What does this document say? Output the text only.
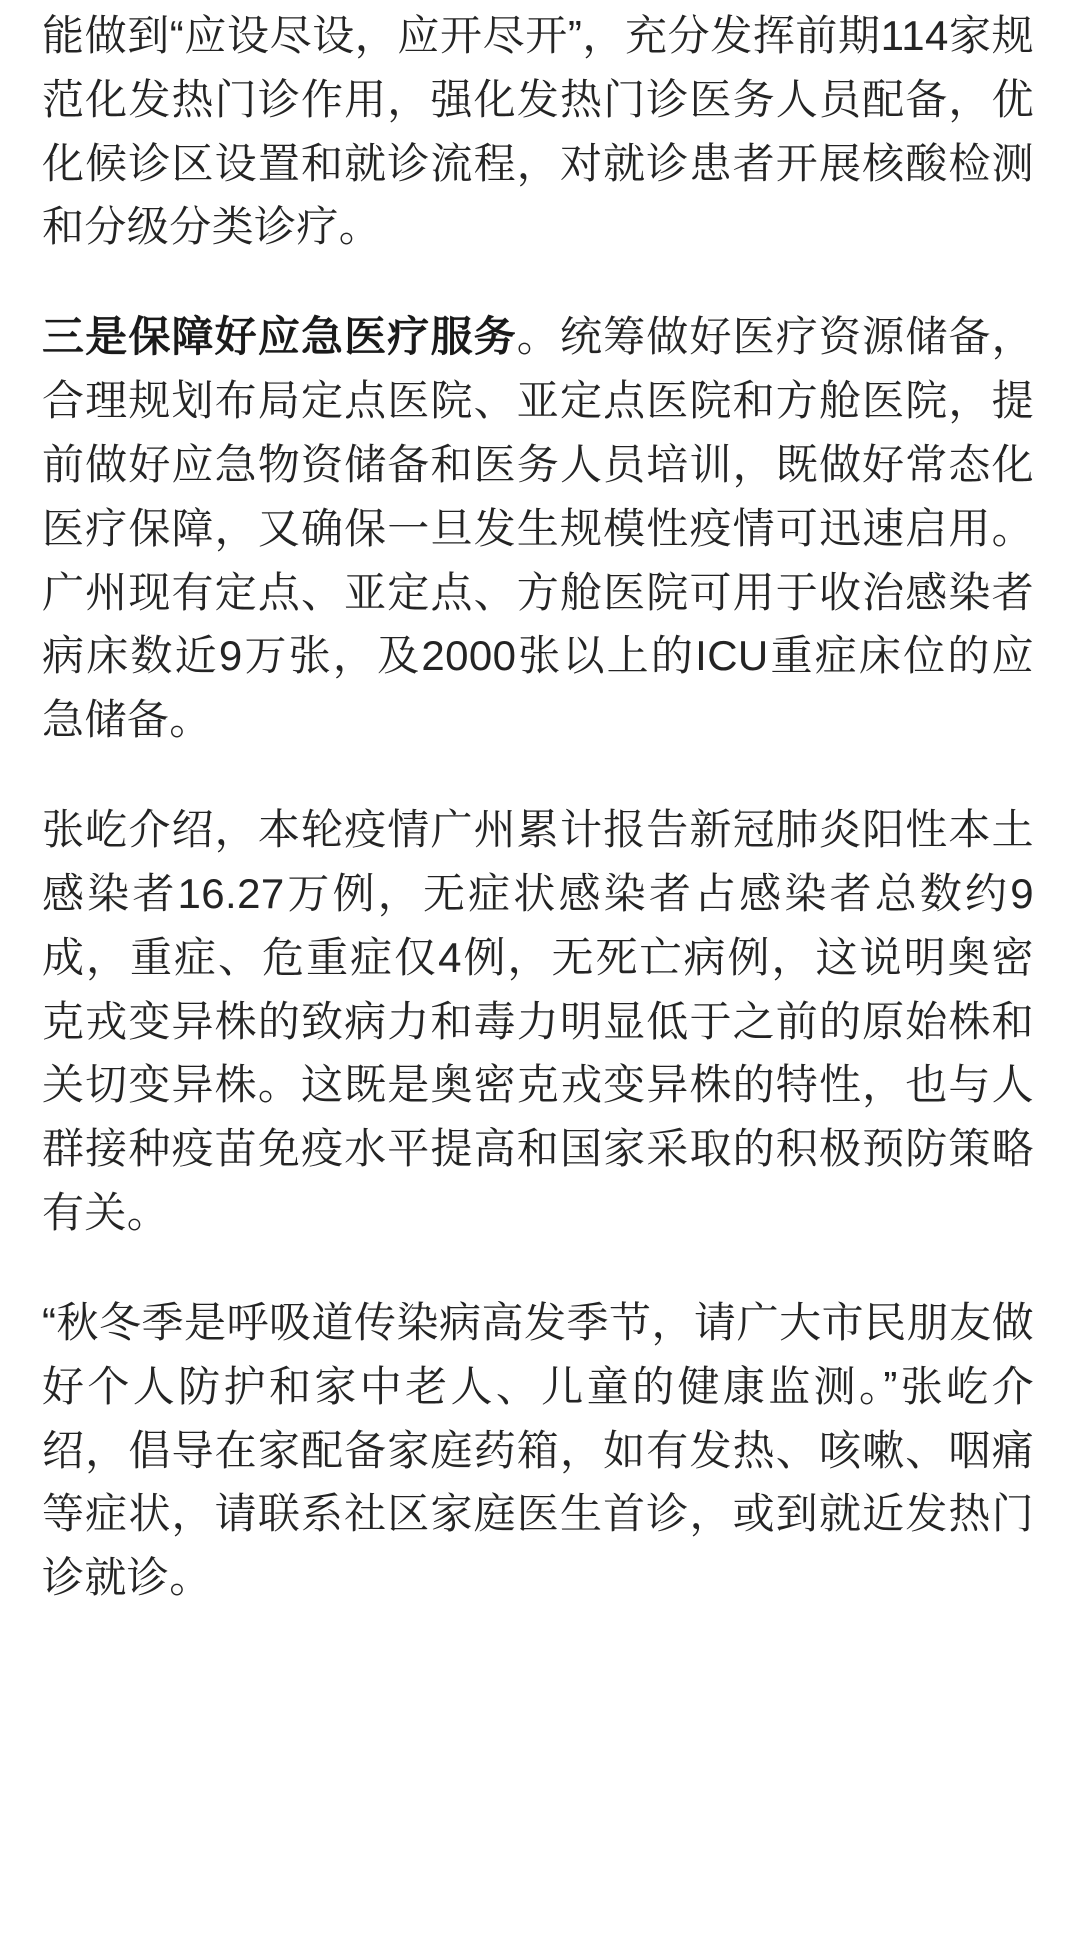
能做到“应设尽设，应开尽开”，充分发挥前期114家规范化发热门诊作用，强化发热门诊医务人员配备，优化候诊区设置和就诊流程，对就诊患者开展核酸检测和分级分类诊疗。

三是保障好应急医疗服务。统筹做好医疗资源储备，合理规划布局定点医院、亚定点医院和方舱医院，提前做好应急物资储备和医务人员培训，既做好常态化医疗保障，又确保一旦发生规模性疫情可迅速启用。广州现有定点、亚定点、方舱医院可用于收治感染者病床数近9万张，及2000张以上的ICU重症床位的应急储备。

张屹介绍，本轮疫情广州累计报告新冠肺炎阳性本土感染者16.27万例，无症状感染者占感染者总数约9成，重症、危重症仅4例，无死亡病例，这说明奥密克戎变异株的致病力和毒力明显低于之前的原始株和关切变异株。这既是奥密克戎变异株的特性，也与人群接种疫苗免疫水平提高和国家采取的积极预防策略有关。

“秋冬季是呼吸道传染病高发季节，请广大市民朋友做好个人防护和家中老人、儿童的健康监测。”张屹介绍，倡导在家配备家庭药箱，如有发热、咳嗽、咽痛等症状，请联系社区家庭医生首诊，或到就近发热门诊就诊。
